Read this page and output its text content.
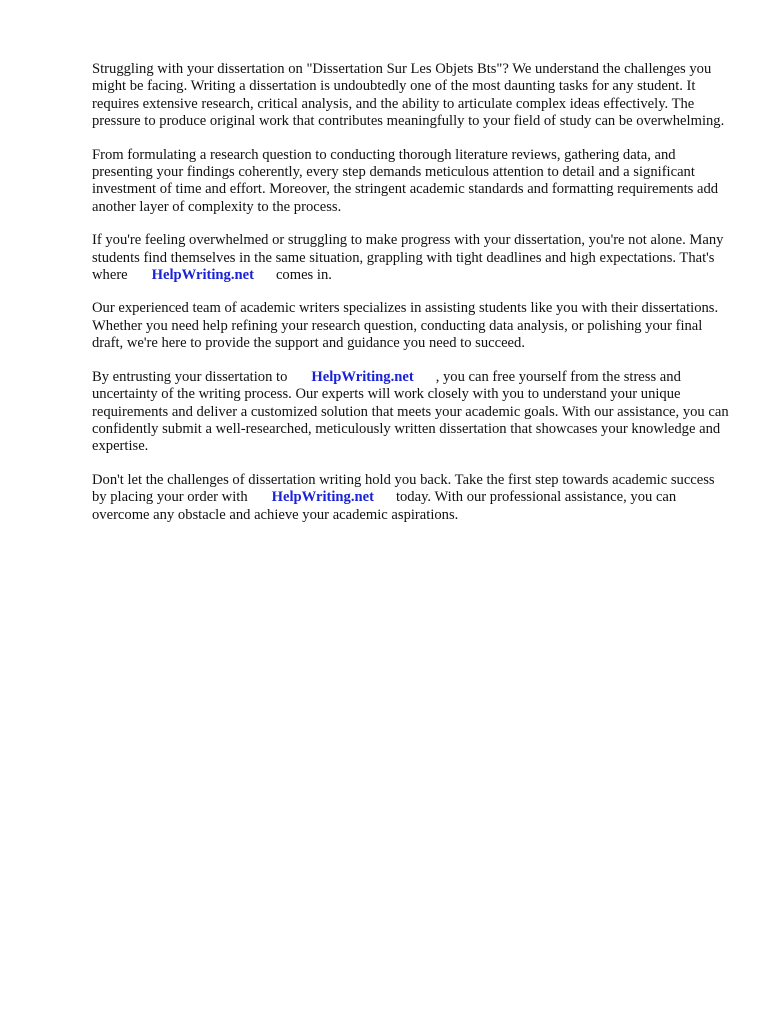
Struggling with your dissertation on "Dissertation Sur Les Objets Bts"? We understand the challenges you might be facing. Writing a dissertation is undoubtedly one of the most daunting tasks for any student. It requires extensive research, critical analysis, and the ability to articulate complex ideas effectively. The pressure to produce original work that contributes meaningfully to your field of study can be overwhelming.

From formulating a research question to conducting thorough literature reviews, gathering data, and presenting your findings coherently, every step demands meticulous attention to detail and a significant investment of time and effort. Moreover, the stringent academic standards and formatting requirements add another layer of complexity to the process.

If you're feeling overwhelmed or struggling to make progress with your dissertation, you're not alone. Many students find themselves in the same situation, grappling with tight deadlines and high expectations. That's where HelpWriting.net comes in.

Our experienced team of academic writers specializes in assisting students like you with their dissertations. Whether you need help refining your research question, conducting data analysis, or polishing your final draft, we're here to provide the support and guidance you need to succeed.

By entrusting your dissertation to HelpWriting.net , you can free yourself from the stress and uncertainty of the writing process. Our experts will work closely with you to understand your unique requirements and deliver a customized solution that meets your academic goals. With our assistance, you can confidently submit a well-researched, meticulously written dissertation that showcases your knowledge and expertise.

Don't let the challenges of dissertation writing hold you back. Take the first step towards academic success by placing your order with HelpWriting.net today. With our professional assistance, you can overcome any obstacle and achieve your academic aspirations.
